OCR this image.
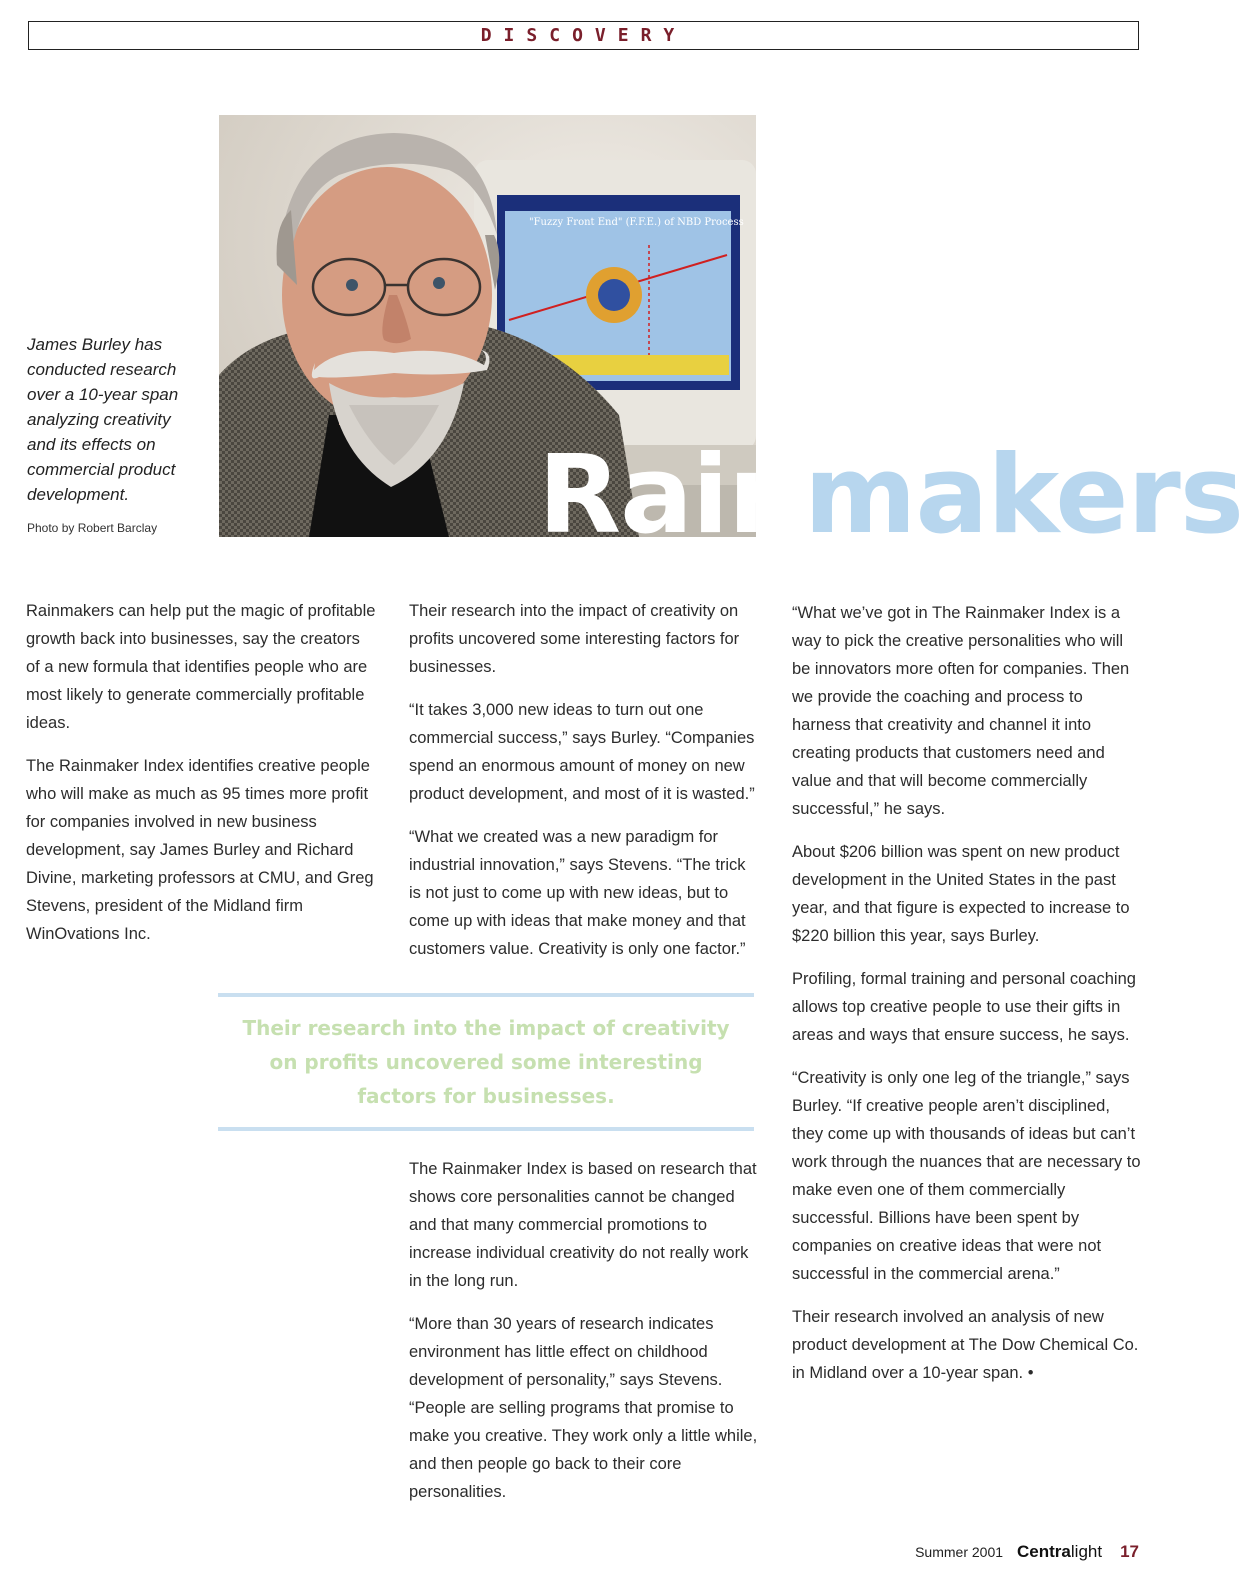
DISCOVERY
"Fuzzy Front End" (F.F.E.) of NBD Process
James Burley has conducted research over a 10-year span analyzing creativity and its effects on commercial product development.
Photo by Robert Barclay	Rainmakers

Rainmakers can help put the magic of profitable growth back into businesses, say the creators of a new formula that identifies people who are most likely to generate commercially profitable ideas.

The Rainmaker Index identifies creative people who will make as much as 95 times more profit for companies involved in new business development, say James Burley and Richard Divine, marketing professors at CMU, and Greg Stevens, president of the Midland firm WinOvations Inc.

Their research into the impact of creativity on profits uncovered some interesting factors for businesses.

“It takes 3,000 new ideas to turn out one commercial success,” says Burley. “Companies spend an enormous amount of money on new product development, and most of it is wasted.”

“What we created was a new paradigm for industrial innovation,” says Stevens. “The trick is not just to come up with new ideas, but to come up with ideas that make money and that customers value. Creativity is only one factor.”

Their research into the impact of creativity on profits uncovered some interesting factors for businesses.

The Rainmaker Index is based on research that shows core personalities cannot be changed and that many commercial promotions to increase individual creativity do not really work in the long run.

“More than 30 years of research indicates environment has little effect on childhood development of personality,” says Stevens. “People are selling programs that promise to make you creative. They work only a little while, and then people go back to their core personalities.

“What we’ve got in The Rainmaker Index is a way to pick the creative personalities who will be innovators more often for companies. Then we provide the coaching and process to harness that creativity and channel it into creating products that customers need and value and that will become commercially successful,” he says.

About $206 billion was spent on new product development in the United States in the past year, and that figure is expected to increase to $220 billion this year, says Burley.

Profiling, formal training and personal coaching allows top creative people to use their gifts in areas and ways that ensure success, he says.

“Creativity is only one leg of the triangle,” says Burley. “If creative people aren’t disciplined, they come up with thousands of ideas but can’t work through the nuances that are necessary to make even one of them commercially successful. Billions have been spent by companies on creative ideas that were not successful in the commercial arena.”

Their research involved an analysis of new product development at The Dow Chemical Co. in Midland over a 10-year span. •

Summer 2001 Centralight 17
